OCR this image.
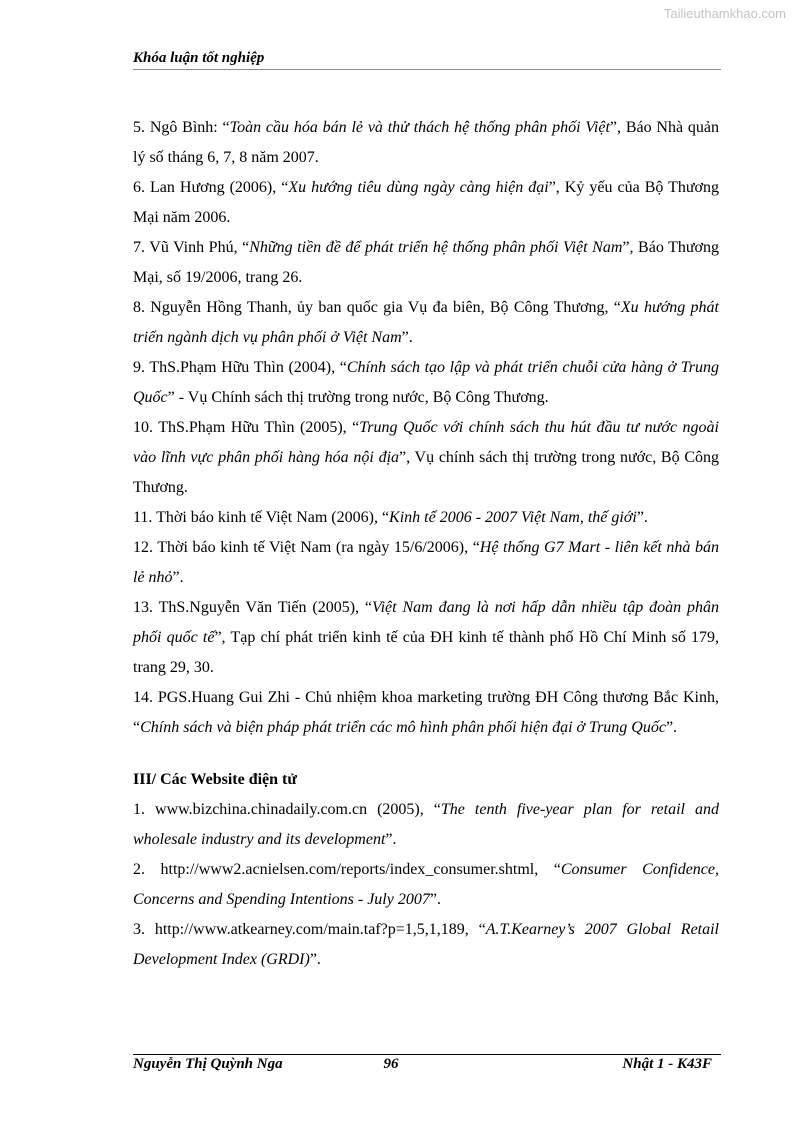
Tailieuthamkhao.com
Khóa luận tốt nghiệp

5. Ngô Bình: “Toàn cầu hóa bán lẻ và thử thách hệ thống phân phối Việt”, Báo Nhà quản lý số tháng 6, 7, 8 năm 2007.

6. Lan Hương (2006), “Xu hướng tiêu dùng ngày càng hiện đại”, Kỷ yếu của Bộ Thương Mại năm 2006.

7. Vũ Vinh Phú, “Những tiền đề để phát triển hệ thống phân phối Việt Nam”, Báo Thương Mại, số 19/2006, trang 26.

8. Nguyễn Hồng Thanh, ủy ban quốc gia Vụ đa biên, Bộ Công Thương, “Xu hướng phát triển ngành dịch vụ phân phối ở Việt Nam”.

9. ThS.Phạm Hữu Thìn (2004), “Chính sách tạo lập và phát triển chuỗi cửa hàng ở Trung Quốc” - Vụ Chính sách thị trường trong nước, Bộ Công Thương.

10. ThS.Phạm Hữu Thìn (2005), “Trung Quốc với chính sách thu hút đầu tư nước ngoài vào lĩnh vực phân phối hàng hóa nội địa”, Vụ chính sách thị trường trong nước, Bộ Công Thương.

11. Thời báo kinh tế Việt Nam (2006), “Kinh tế 2006 - 2007 Việt Nam, thế giới”.

12. Thời báo kinh tế Việt Nam (ra ngày 15/6/2006), “Hệ thống G7 Mart - liên kết nhà bán lẻ nhỏ”.

13. ThS.Nguyễn Văn Tiến (2005), “Việt Nam đang là nơi hấp dẫn nhiều tập đoàn phân phối quốc tế”, Tạp chí phát triển kinh tế của ĐH kinh tế thành phố Hồ Chí Minh số 179, trang 29, 30.

14. PGS.Huang Gui Zhi - Chủ nhiệm khoa marketing trường ĐH Công thương Bắc Kinh, “Chính sách và biện pháp phát triển các mô hình phân phối hiện đại ở Trung Quốc”.

III/ Các Website điện tử

1. www.bizchina.chinadaily.com.cn (2005), “The tenth five-year plan for retail and wholesale industry and its development”.

2. http://www2.acnielsen.com/reports/index_consumer.shtml, “Consumer Confidence, Concerns and Spending Intentions - July 2007”.

3. http://www.atkearney.com/main.taf?p=1,5,1,189, “A.T.Kearney’s 2007 Global Retail Development Index (GRDI)”.

Nguyễn Thị Quỳnh Nga	96	Nhật 1 - K43F
